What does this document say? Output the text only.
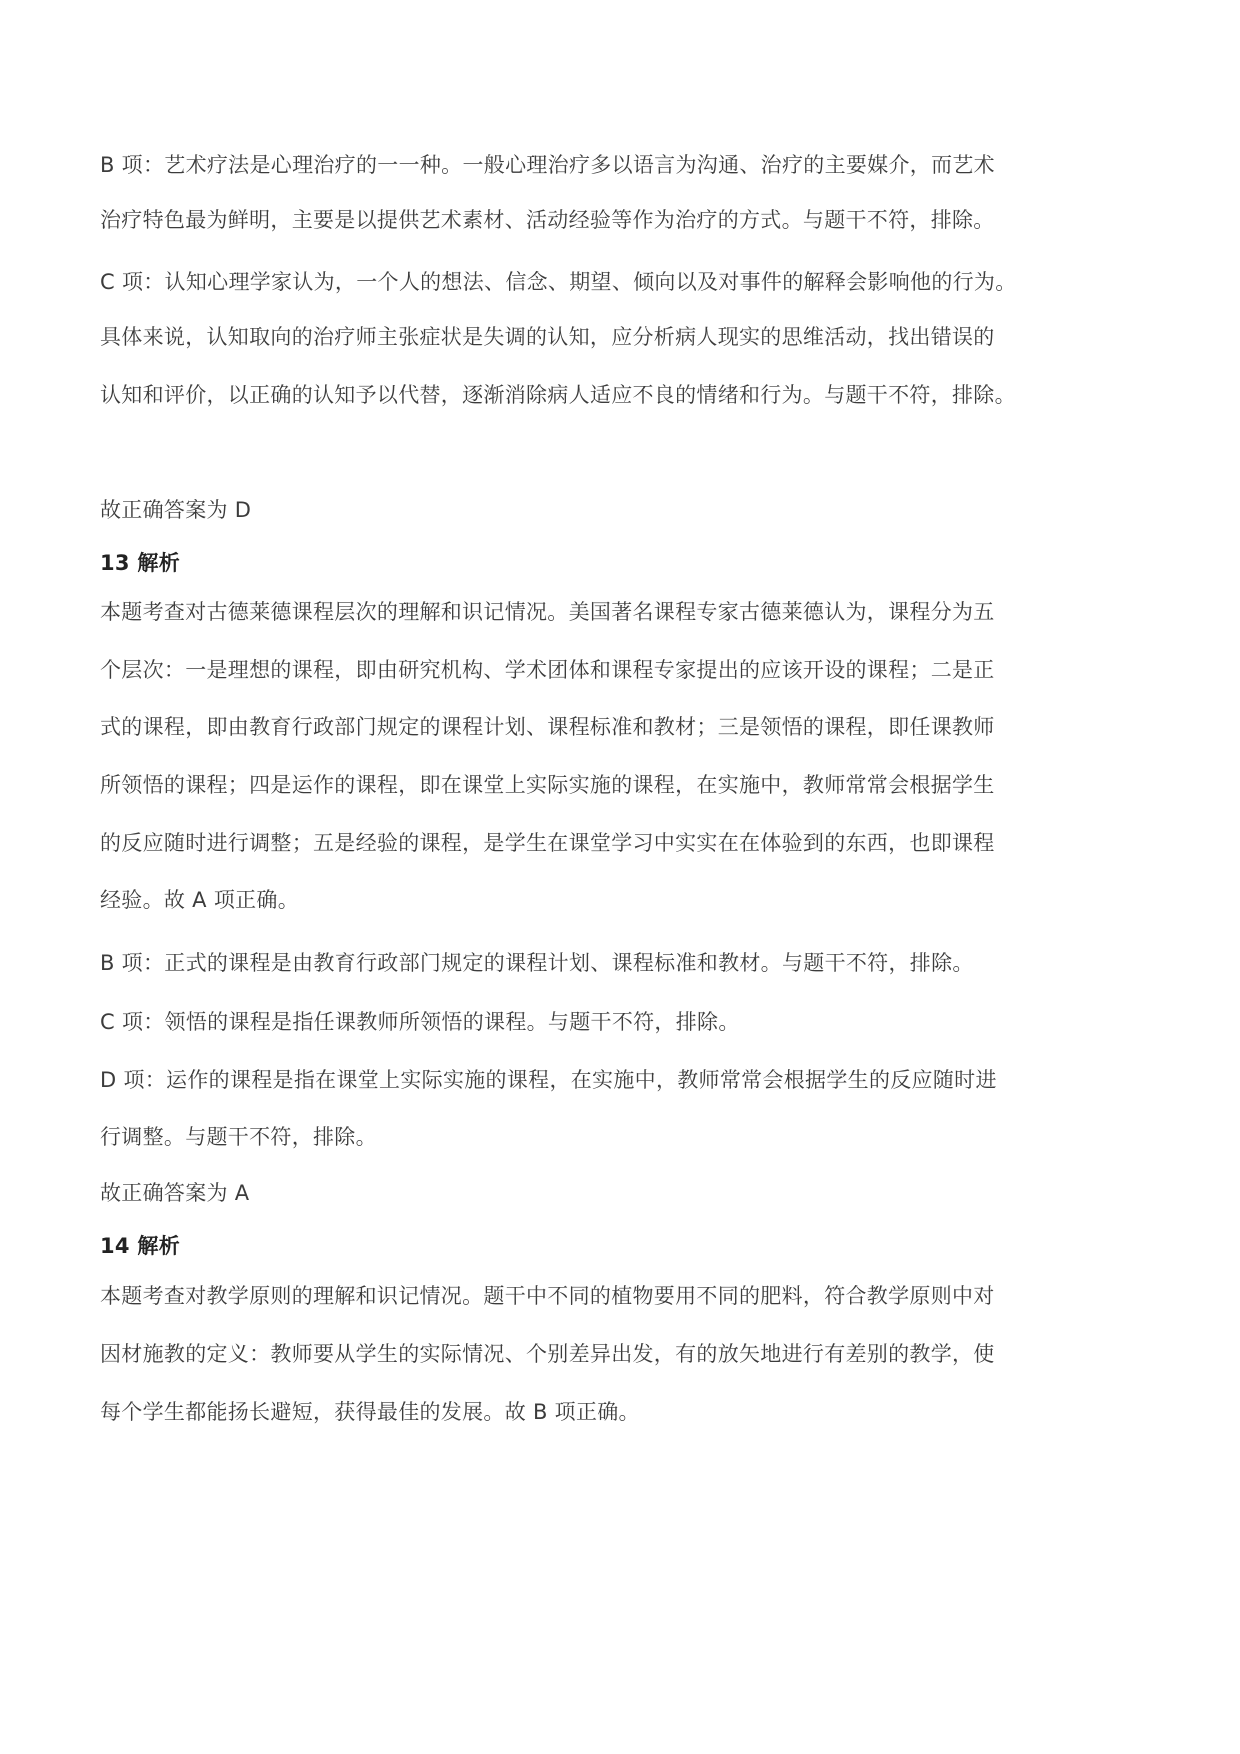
B 项：艺术疗法是心理治疗的一一种。一般心理治疗多以语言为沟通、治疗的主要媒介，而艺术
治疗特色最为鲜明，主要是以提供艺术素材、活动经验等作为治疗的方式。与题干不符，排除。
C 项：认知心理学家认为，一个人的想法、信念、期望、倾向以及对事件的解释会影响他的行为。
具体来说，认知取向的治疗师主张症状是失调的认知，应分析病人现实的思维活动，找出错误的
认知和评价，以正确的认知予以代替，逐渐消除病人适应不良的情绪和行为。与题干不符，排除。
故正确答案为 D
13 解析
本题考查对古德莱德课程层次的理解和识记情况。美国著名课程专家古德莱德认为，课程分为五
个层次：一是理想的课程，即由研究机构、学术团体和课程专家提出的应该开设的课程；二是正
式的课程，即由教育行政部门规定的课程计划、课程标准和教材；三是领悟的课程，即任课教师
所领悟的课程；四是运作的课程，即在课堂上实际实施的课程，在实施中，教师常常会根据学生
的反应随时进行调整；五是经验的课程，是学生在课堂学习中实实在在体验到的东西，也即课程
经验。故 A 项正确。
B 项：正式的课程是由教育行政部门规定的课程计划、课程标准和教材。与题干不符，排除。
C 项：领悟的课程是指任课教师所领悟的课程。与题干不符，排除。
D 项：运作的课程是指在课堂上实际实施的课程，在实施中，教师常常会根据学生的反应随时进
行调整。与题干不符，排除。
故正确答案为 A
14 解析
本题考查对教学原则的理解和识记情况。题干中不同的植物要用不同的肥料，符合教学原则中对
因材施教的定义：教师要从学生的实际情况、个别差异出发，有的放矢地进行有差别的教学，使
每个学生都能扬长避短，获得最佳的发展。故 B 项正确。
